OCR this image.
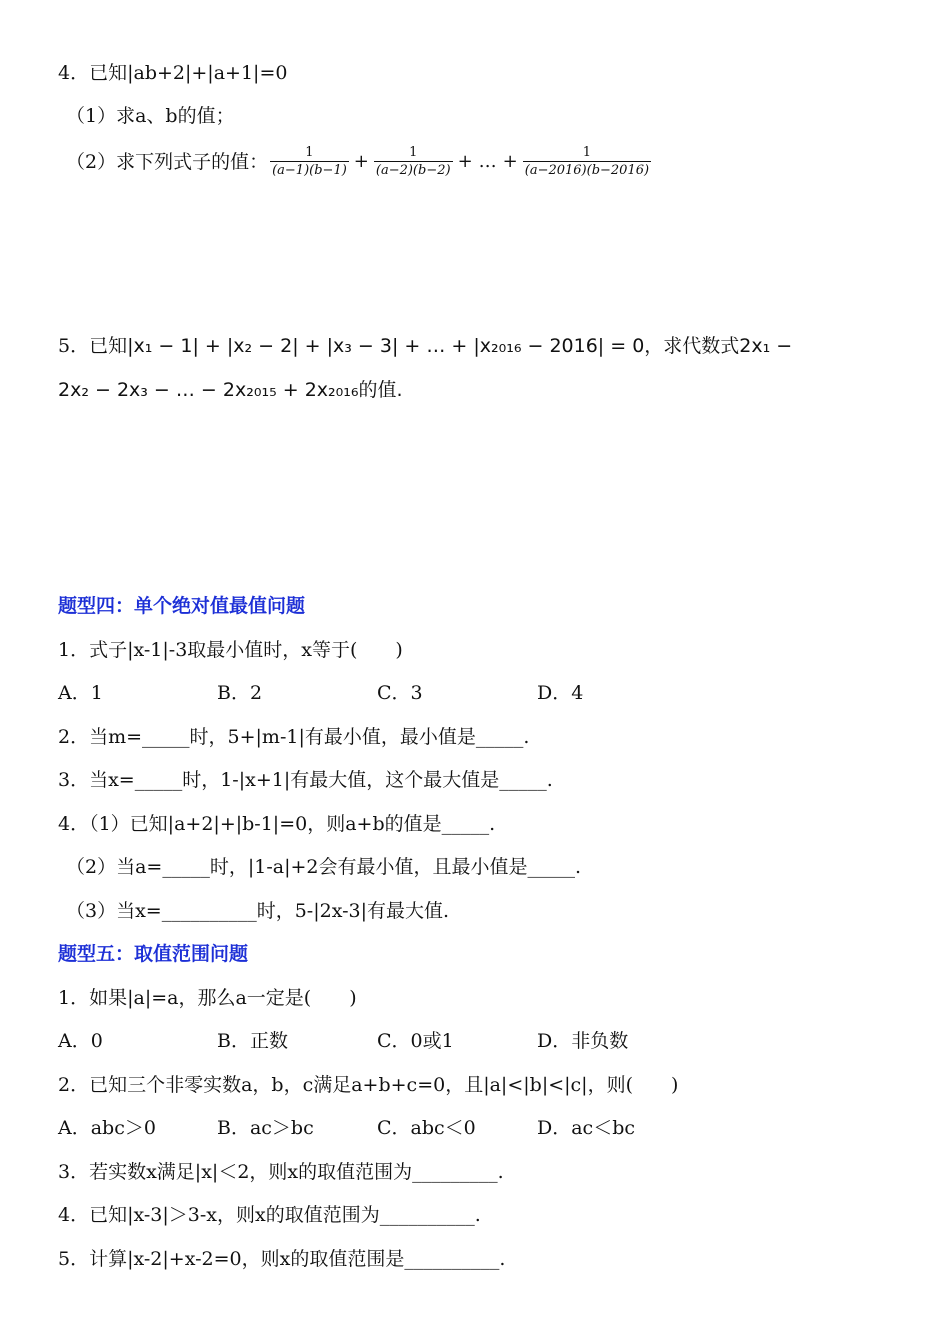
4．已知|ab+2|+|a+1|=0
（1）求a、b的值；
（2）求下列式子的值： $\frac{1}{(a-1)(b-1)} + \frac{1}{(a-2)(b-2)}$ + … + $\frac{1}{(a-2016)(b-2016)}$
5．已知|x₁ − 1| + |x₂ − 2| + |x₃ − 3| + … + |x₂₀₁₆ − 2016| = 0，求代数式2x₁ −
2x₂ − 2x₃ − … − 2x₂₀₁₅ + 2x₂₀₁₆的值.
题型四：单个绝对值最值问题
1．式子|x-1|-3取最小值时，x等于(　　)
A．1	B．2	C．3	D．4
2．当m=_____时，5+|m-1|有最小值，最小值是_____.
3．当x=_____时，1-|x+1|有最大值，这个最大值是_____.
4．（1）已知|a+2|+|b-1|=0，则a+b的值是_____.
（2）当a=_____时，|1-a|+2会有最小值，且最小值是_____.
（3）当x=__________时，5-|2x-3|有最大值.
题型五：取值范围问题
1．如果|a|=a，那么a一定是(　　)
A．0	B．正数	C．0或1	D．非负数
2．已知三个非零实数a，b，c满足a+b+c=0，且|a|<|b|<|c|，则(　　)
A．abc＞0	B．ac＞bc	C．abc＜0	D．ac＜bc
3．若实数x满足|x|＜2，则x的取值范围为_________.
4．已知|x-3|＞3-x，则x的取值范围为__________.
5．计算|x-2|+x-2=0，则x的取值范围是__________.
